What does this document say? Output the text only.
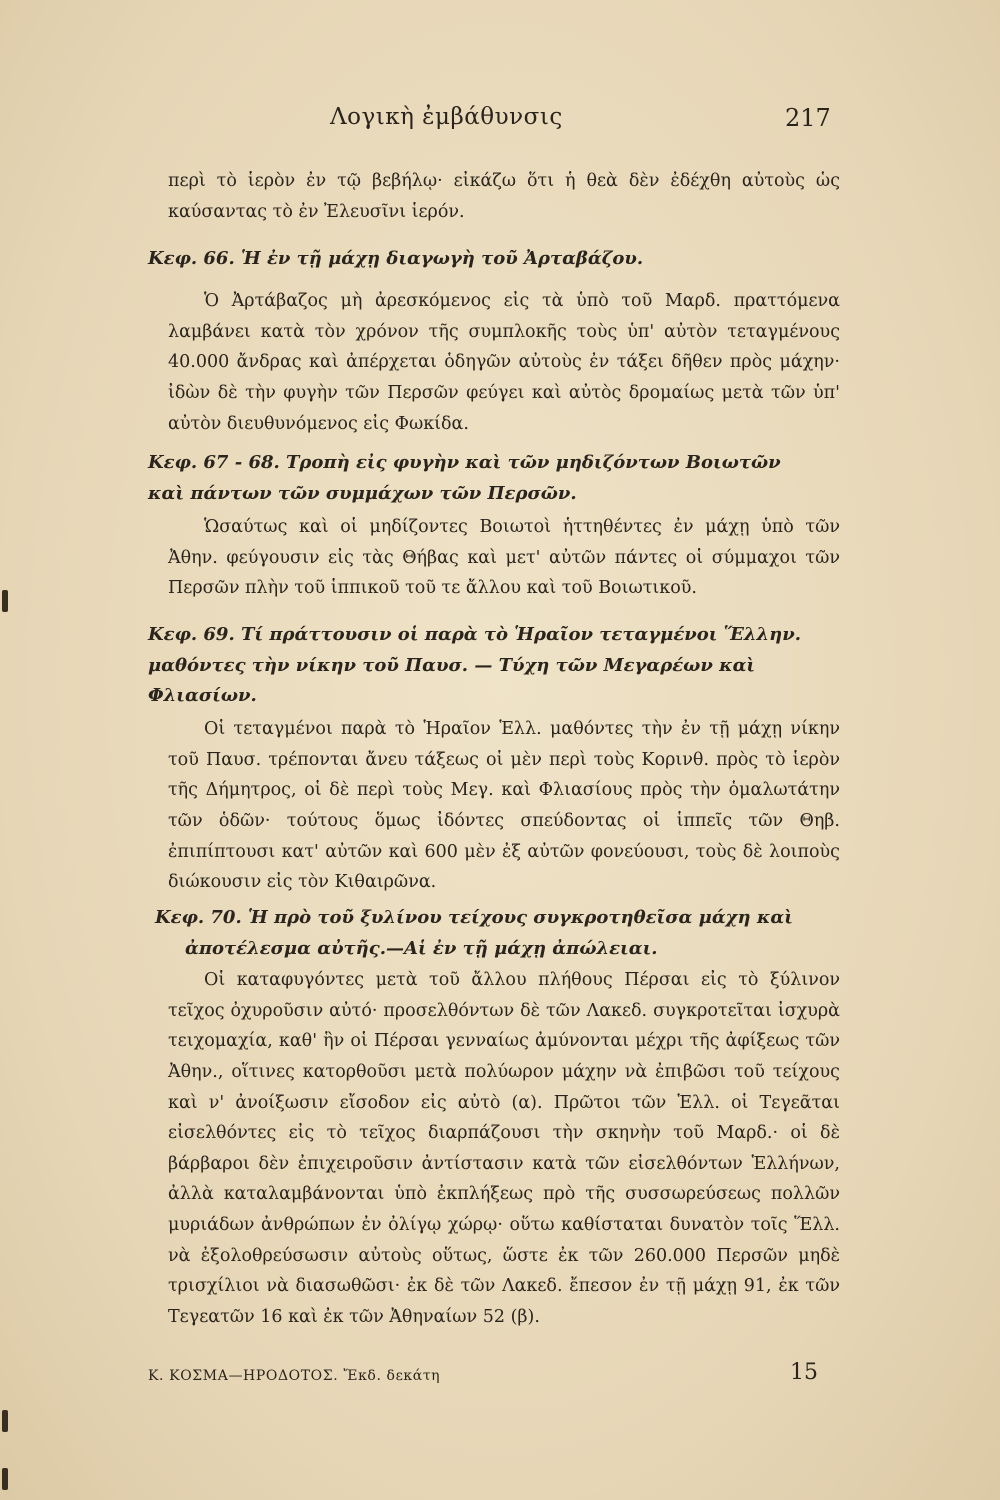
Λογικὴ ἐμβάθυνσις	217

περὶ τὸ ἱερὸν ἐν τῷ βεβήλῳ· εἰκάζω ὅτι ἡ θεὰ δὲν ἐδέχθη αὐτοὺς ὡς καύσαντας τὸ ἐν Ἐλευσῖνι ἱερόν.

Κεφ. 66. Ἡ ἐν τῇ μάχῃ διαγωγὴ τοῦ Ἀρταβάζου.

Ὁ Ἀρτάβαζος μὴ ἀρεσκόμενος εἰς τὰ ὑπὸ τοῦ Μαρδ. πραττόμενα λαμβάνει κατὰ τὸν χρόνον τῆς συμπλοκῆς τοὺς ὑπ' αὐτὸν τεταγμένους 40.000 ἄνδρας καὶ ἀπέρχεται ὁδηγῶν αὐτοὺς ἐν τάξει δῆθεν πρὸς μάχην· ἰδὼν δὲ τὴν φυγὴν τῶν Περσῶν φεύγει καὶ αὐτὸς δρομαίως μετὰ τῶν ὑπ' αὐτὸν διευθυνόμενος εἰς Φωκίδα.

Κεφ. 67 - 68. Τροπὴ εἰς φυγὴν καὶ τῶν μηδιζόντων Βοιωτῶν
καὶ πάντων τῶν συμμάχων τῶν Περσῶν.

Ὡσαύτως καὶ οἱ μηδίζοντες Βοιωτοὶ ἡττηθέντες ἐν μάχῃ ὑπὸ τῶν Ἀθην. φεύγουσιν εἰς τὰς Θήβας καὶ μετ' αὐτῶν πάντες οἱ σύμμαχοι τῶν Περσῶν πλὴν τοῦ ἱππικοῦ τοῦ τε ἄλλου καὶ τοῦ Βοιωτικοῦ.

Κεφ. 69. Τί πράττουσιν οἱ παρὰ τὸ Ἡραῖον τεταγμένοι Ἕλλην.
μαθόντες τὴν νίκην τοῦ Παυσ. — Τύχη τῶν Μεγαρέων καὶ Φλιασίων.

Οἱ τεταγμένοι παρὰ τὸ Ἡραῖον Ἑλλ. μαθόντες τὴν ἐν τῇ μάχῃ νίκην τοῦ Παυσ. τρέπονται ἄνευ τάξεως οἱ μὲν περὶ τοὺς Κορινθ. πρὸς τὸ ἱερὸν τῆς Δήμητρος, οἱ δὲ περὶ τοὺς Μεγ. καὶ Φλιασίους πρὸς τὴν ὁμαλωτάτην τῶν ὁδῶν· τούτους ὅμως ἰδόντες σπεύδοντας οἱ ἱππεῖς τῶν Θηβ. ἐπιπίπτουσι κατ' αὐτῶν καὶ 600 μὲν ἐξ αὐτῶν φονεύουσι, τοὺς δὲ λοιποὺς διώκουσιν εἰς τὸν Κιθαιρῶνα.

Κεφ. 70. Ἡ πρὸ τοῦ ξυλίνου τείχους συγκροτηθεῖσα μάχη καὶ
ἀποτέλεσμα αὐτῆς.—Αἱ ἐν τῇ μάχῃ ἀπώλειαι.

Οἱ καταφυγόντες μετὰ τοῦ ἄλλου πλήθους Πέρσαι εἰς τὸ ξύλινον τεῖχος ὀχυροῦσιν αὐτό· προσελθόντων δὲ τῶν Λακεδ. συγκροτεῖται ἰσχυρὰ τειχομαχία, καθ' ἣν οἱ Πέρσαι γενναίως ἀμύνονται μέχρι τῆς ἀφίξεως τῶν Ἀθην., οἵτινες κατορθοῦσι μετὰ πολύωρον μάχην νὰ ἐπιβῶσι τοῦ τείχους καὶ ν' ἀνοίξωσιν εἴσοδον εἰς αὐτὸ (α). Πρῶτοι τῶν Ἑλλ. οἱ Τεγεᾶται εἰσελθόντες εἰς τὸ τεῖχος διαρπάζουσι τὴν σκηνὴν τοῦ Μαρδ.· οἱ δὲ βάρβαροι δὲν ἐπιχειροῦσιν ἀντίστασιν κατὰ τῶν εἰσελθόντων Ἑλλήνων, ἀλλὰ καταλαμβάνονται ὑπὸ ἐκπλήξεως πρὸ τῆς συσσωρεύσεως πολλῶν μυριάδων ἀνθρώπων ἐν ὀλίγῳ χώρῳ· οὕτω καθίσταται δυνατὸν τοῖς Ἕλλ. νὰ ἐξολοθρεύσωσιν αὐτοὺς οὕτως, ὥστε ἐκ τῶν 260.000 Περσῶν μηδὲ τρισχίλιοι νὰ διασωθῶσι· ἐκ δὲ τῶν Λακεδ. ἔπεσον ἐν τῇ μάχῃ 91, ἐκ τῶν Τεγεατῶν 16 καὶ ἐκ τῶν Ἀθηναίων 52 (β).

Κ. ΚΟΣΜΑ—ΗΡΟΔΟΤΟΣ. Ἔκδ. δεκάτη	15
